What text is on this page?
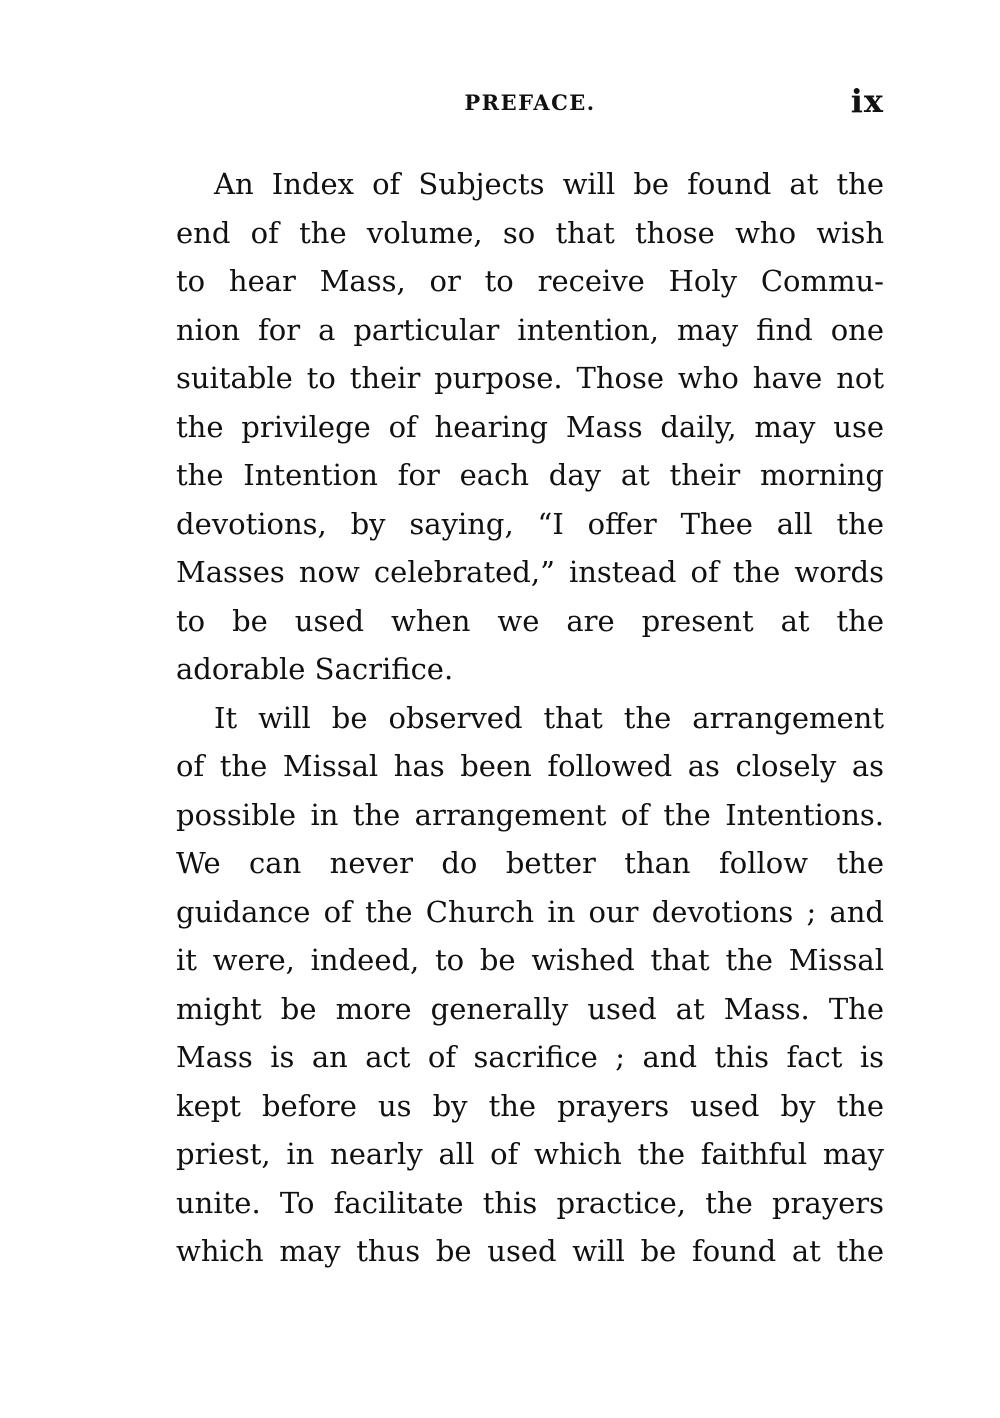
PREFACE.	ix
An Index of Subjects will be found at the
end of the volume, so that those who wish
to hear Mass, or to receive Holy Commu-
nion for a particular intention, may find one
suitable to their purpose. Those who have not
the privilege of hearing Mass daily, may use
the Intention for each day at their morning
devotions, by saying, “I offer Thee all the
Masses now celebrated,” instead of the words
to be used when we are present at the
adorable Sacrifice.
It will be observed that the arrangement
of the Missal has been followed as closely as
possible in the arrangement of the Intentions.
We can never do better than follow the
guidance of the Church in our devotions ; and
it were, indeed, to be wished that the Missal
might be more generally used at Mass. The
Mass is an act of sacrifice ; and this fact is
kept before us by the prayers used by the
priest, in nearly all of which the faithful may
unite. To facilitate this practice, the prayers
which may thus be used will be found at the
